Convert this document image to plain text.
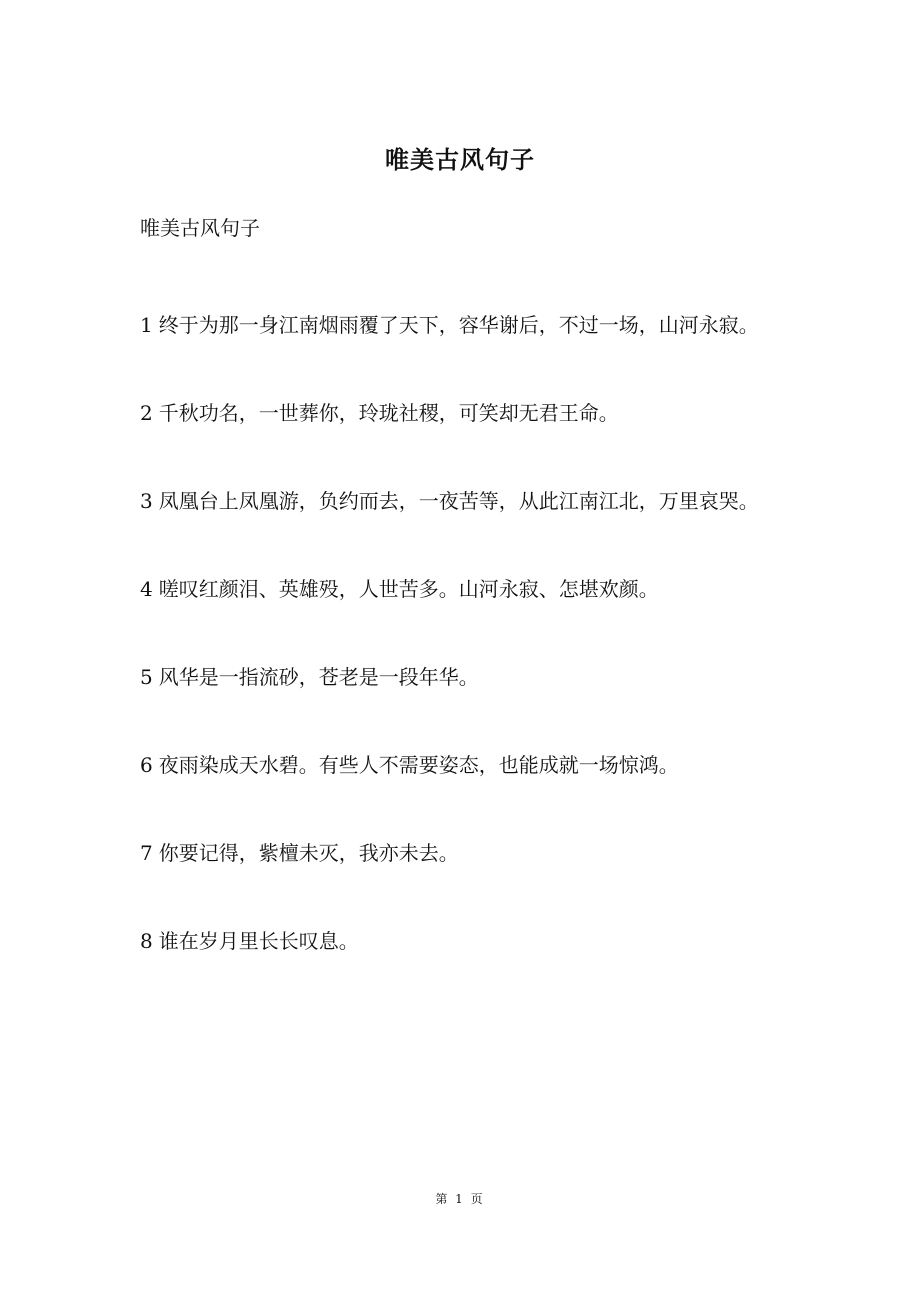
唯美古风句子
唯美古风句子

1 终于为那一身江南烟雨覆了天下，容华谢后，不过一场，山河永寂。

2 千秋功名，一世葬你，玲珑社稷，可笑却无君王命。

3 凤凰台上凤凰游，负约而去，一夜苦等，从此江南江北，万里哀哭。

4 嗟叹红颜泪、英雄殁，人世苦多。山河永寂、怎堪欢颜。

5 风华是一指流砂，苍老是一段年华。

6 夜雨染成天水碧。有些人不需要姿态，也能成就一场惊鸿。

7 你要记得，紫檀未灭，我亦未去。

8 谁在岁月里长长叹息。

第 1 页
